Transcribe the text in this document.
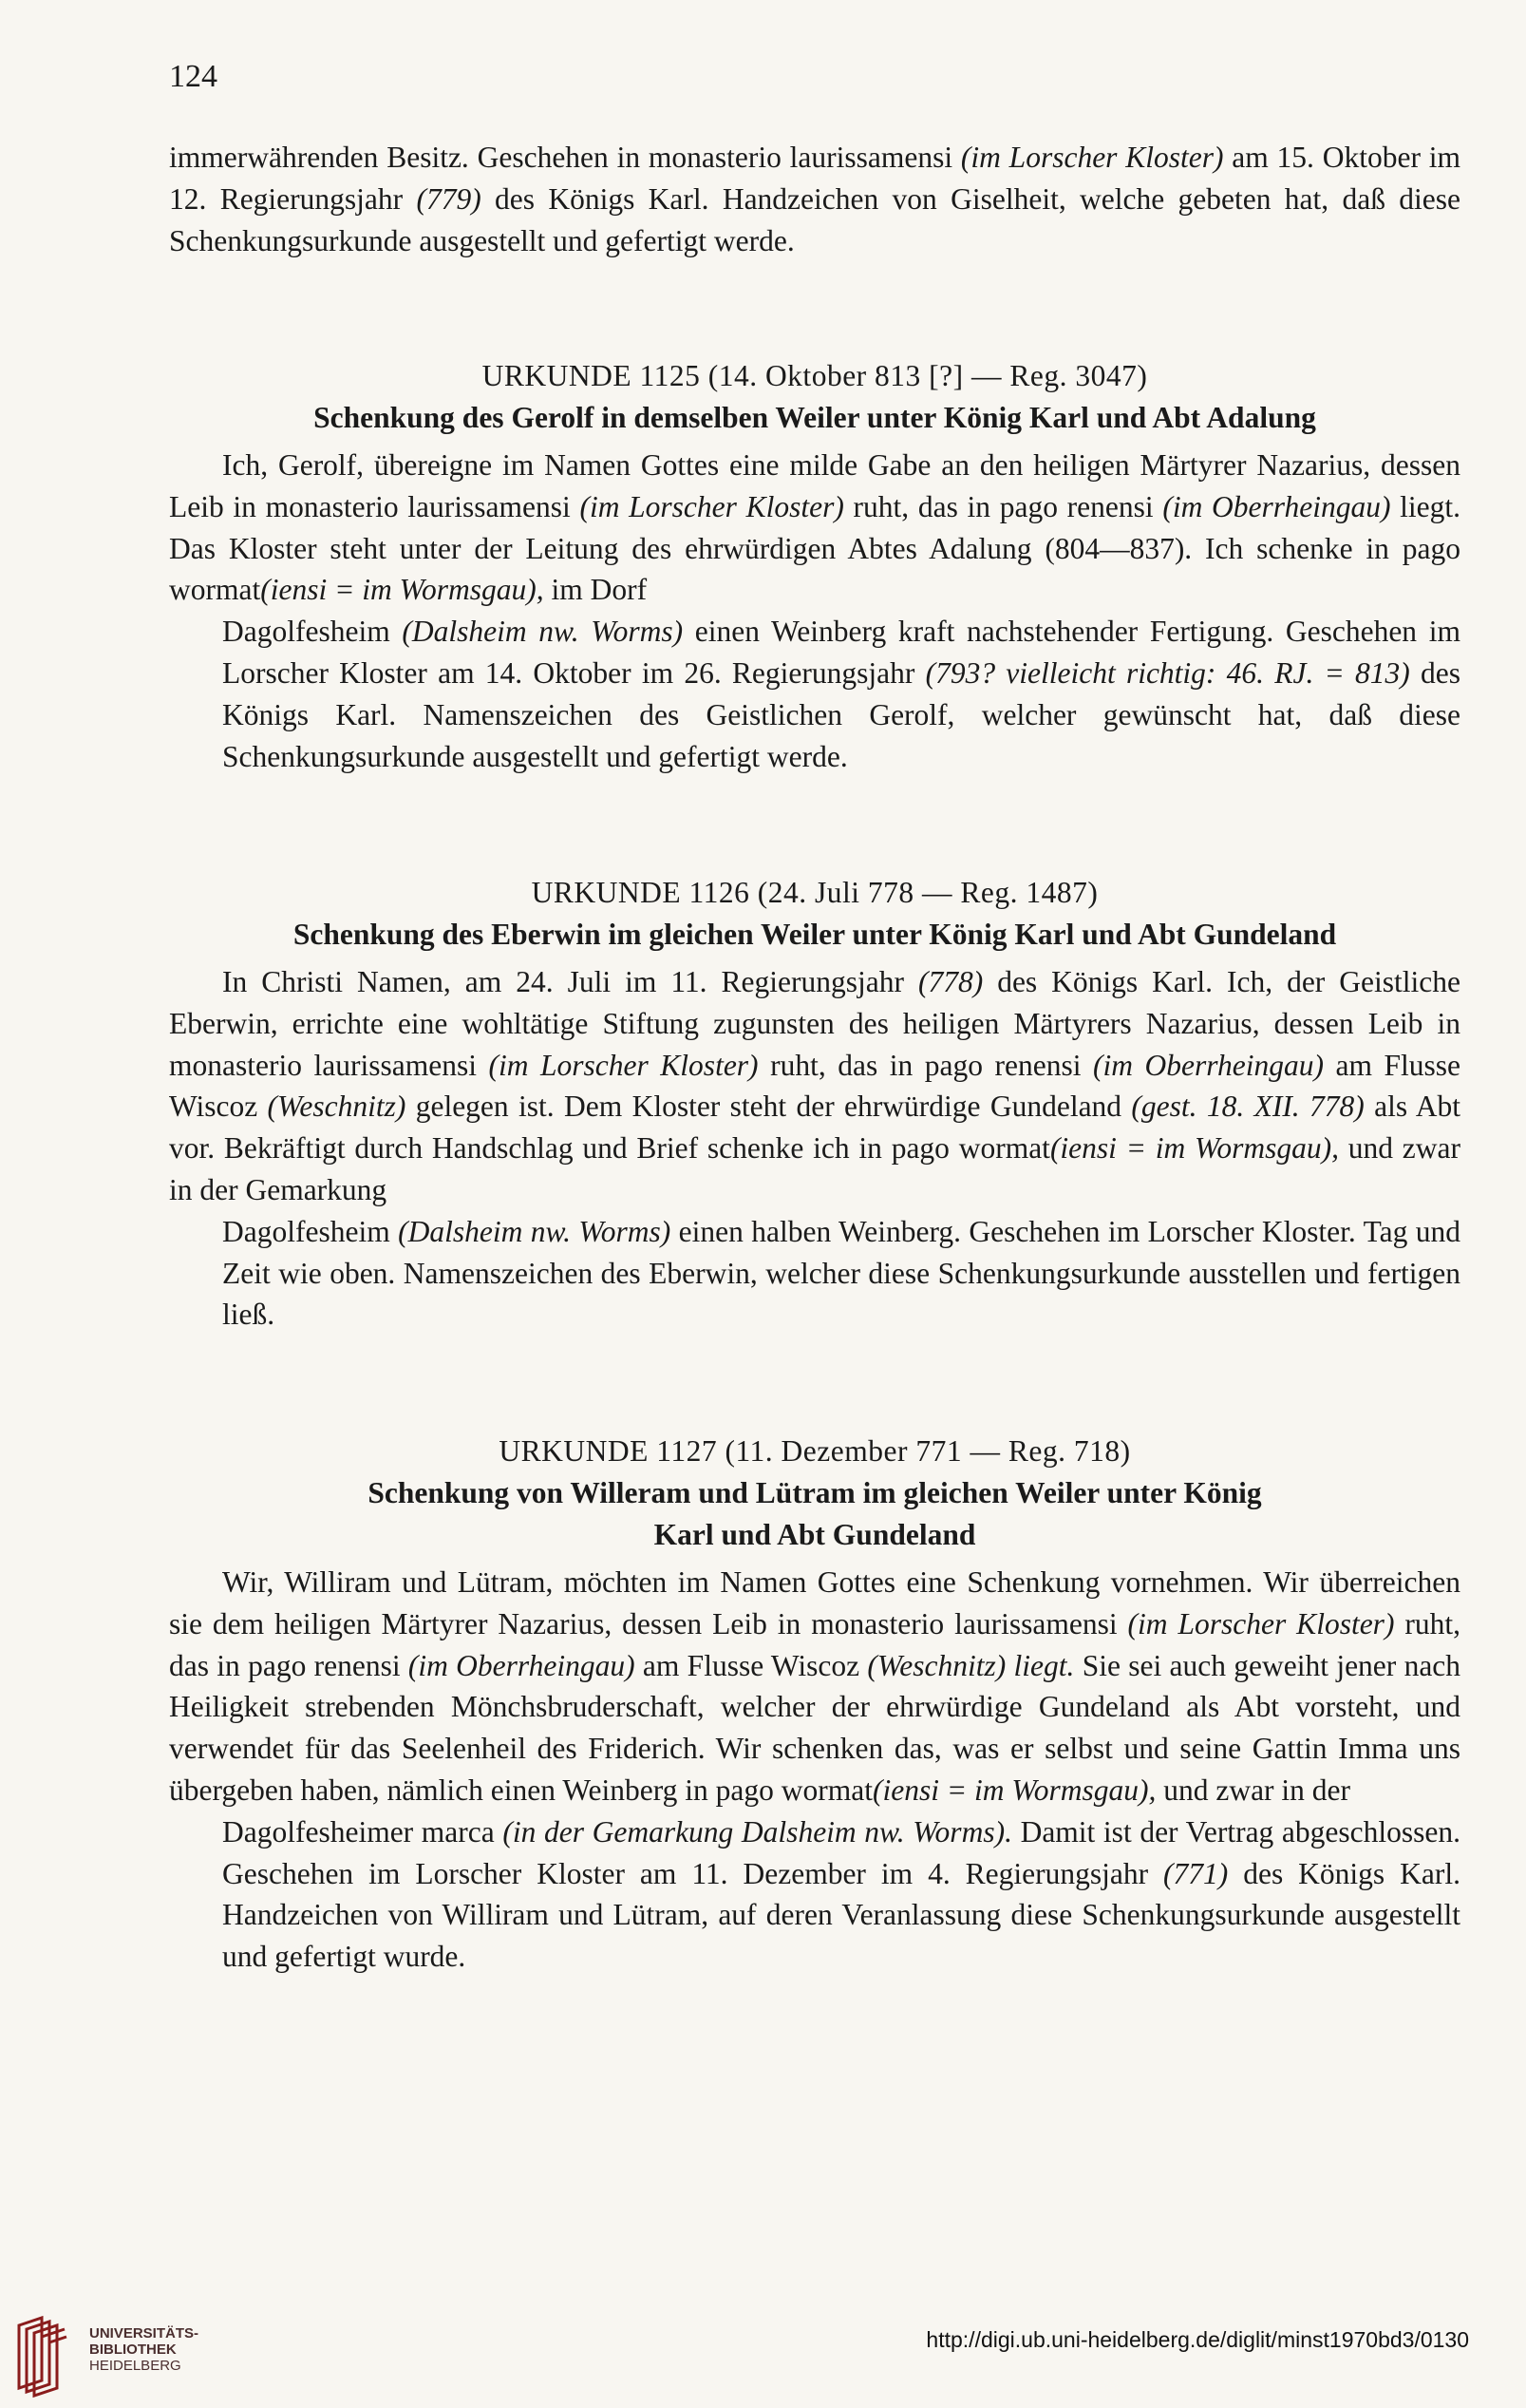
124

immerwährenden Besitz. Geschehen in monasterio laurissamensi (im Lorscher Kloster) am 15. Oktober im 12. Regierungsjahr (779) des Königs Karl. Handzeichen von Giselheit, welche gebeten hat, daß diese Schenkungsurkunde ausgestellt und gefertigt werde.

URKUNDE 1125 (14. Oktober 813 [?] — Reg. 3047)
Schenkung des Gerolf in demselben Weiler unter König Karl und Abt Adalung

Ich, Gerolf, übereigne im Namen Gottes eine milde Gabe an den heiligen Märtyrer Nazarius, dessen Leib in monasterio laurissamensi (im Lorscher Kloster) ruht, das in pago renensi (im Oberrheingau) liegt. Das Kloster steht unter der Leitung des ehrwürdigen Abtes Adalung (804—837). Ich schenke in pago wormat(iensi = im Wormsgau), im Dorf

Dagolfesheim (Dalsheim nw. Worms) einen Weinberg kraft nachstehender Fertigung. Geschehen im Lorscher Kloster am 14. Oktober im 26. Regierungsjahr (793? vielleicht richtig: 46. RJ. = 813) des Königs Karl. Namenszeichen des Geistlichen Gerolf, welcher gewünscht hat, daß diese Schenkungsurkunde ausgestellt und gefertigt werde.

URKUNDE 1126 (24. Juli 778 — Reg. 1487)
Schenkung des Eberwin im gleichen Weiler unter König Karl und Abt Gundeland

In Christi Namen, am 24. Juli im 11. Regierungsjahr (778) des Königs Karl. Ich, der Geistliche Eberwin, errichte eine wohltätige Stiftung zugunsten des heiligen Märtyrers Nazarius, dessen Leib in monasterio laurissamensi (im Lorscher Kloster) ruht, das in pago renensi (im Oberrheingau) am Flusse Wiscoz (Weschnitz) gelegen ist. Dem Kloster steht der ehrwürdige Gundeland (gest. 18. XII. 778) als Abt vor. Bekräftigt durch Handschlag und Brief schenke ich in pago wormat(iensi = im Wormsgau), und zwar in der Gemarkung

Dagolfesheim (Dalsheim nw. Worms) einen halben Weinberg. Geschehen im Lorscher Kloster. Tag und Zeit wie oben. Namenszeichen des Eberwin, welcher diese Schenkungsurkunde ausstellen und fertigen ließ.

URKUNDE 1127 (11. Dezember 771 — Reg. 718)
Schenkung von Willeram und Lütram im gleichen Weiler unter König
Karl und Abt Gundeland

Wir, Williram und Lütram, möchten im Namen Gottes eine Schenkung vornehmen. Wir überreichen sie dem heiligen Märtyrer Nazarius, dessen Leib in monasterio laurissamensi (im Lorscher Kloster) ruht, das in pago renensi (im Oberrheingau) am Flusse Wiscoz (Weschnitz) liegt. Sie sei auch geweiht jener nach Heiligkeit strebenden Mönchsbruderschaft, welcher der ehrwürdige Gundeland als Abt vorsteht, und verwendet für das Seelenheil des Friderich. Wir schenken das, was er selbst und seine Gattin Imma uns übergeben haben, nämlich einen Weinberg in pago wormat(iensi = im Wormsgau), und zwar in der

Dagolfesheimer marca (in der Gemarkung Dalsheim nw. Worms). Damit ist der Vertrag abgeschlossen. Geschehen im Lorscher Kloster am 11. Dezember im 4. Regierungsjahr (771) des Königs Karl. Handzeichen von Williram und Lütram, auf deren Veranlassung diese Schenkungsurkunde ausgestellt und gefertigt wurde.

UNIVERSITÄTS-
BIBLIOTHEK
HEIDELBERG
http://digi.ub.uni-heidelberg.de/diglit/minst1970bd3/0130
